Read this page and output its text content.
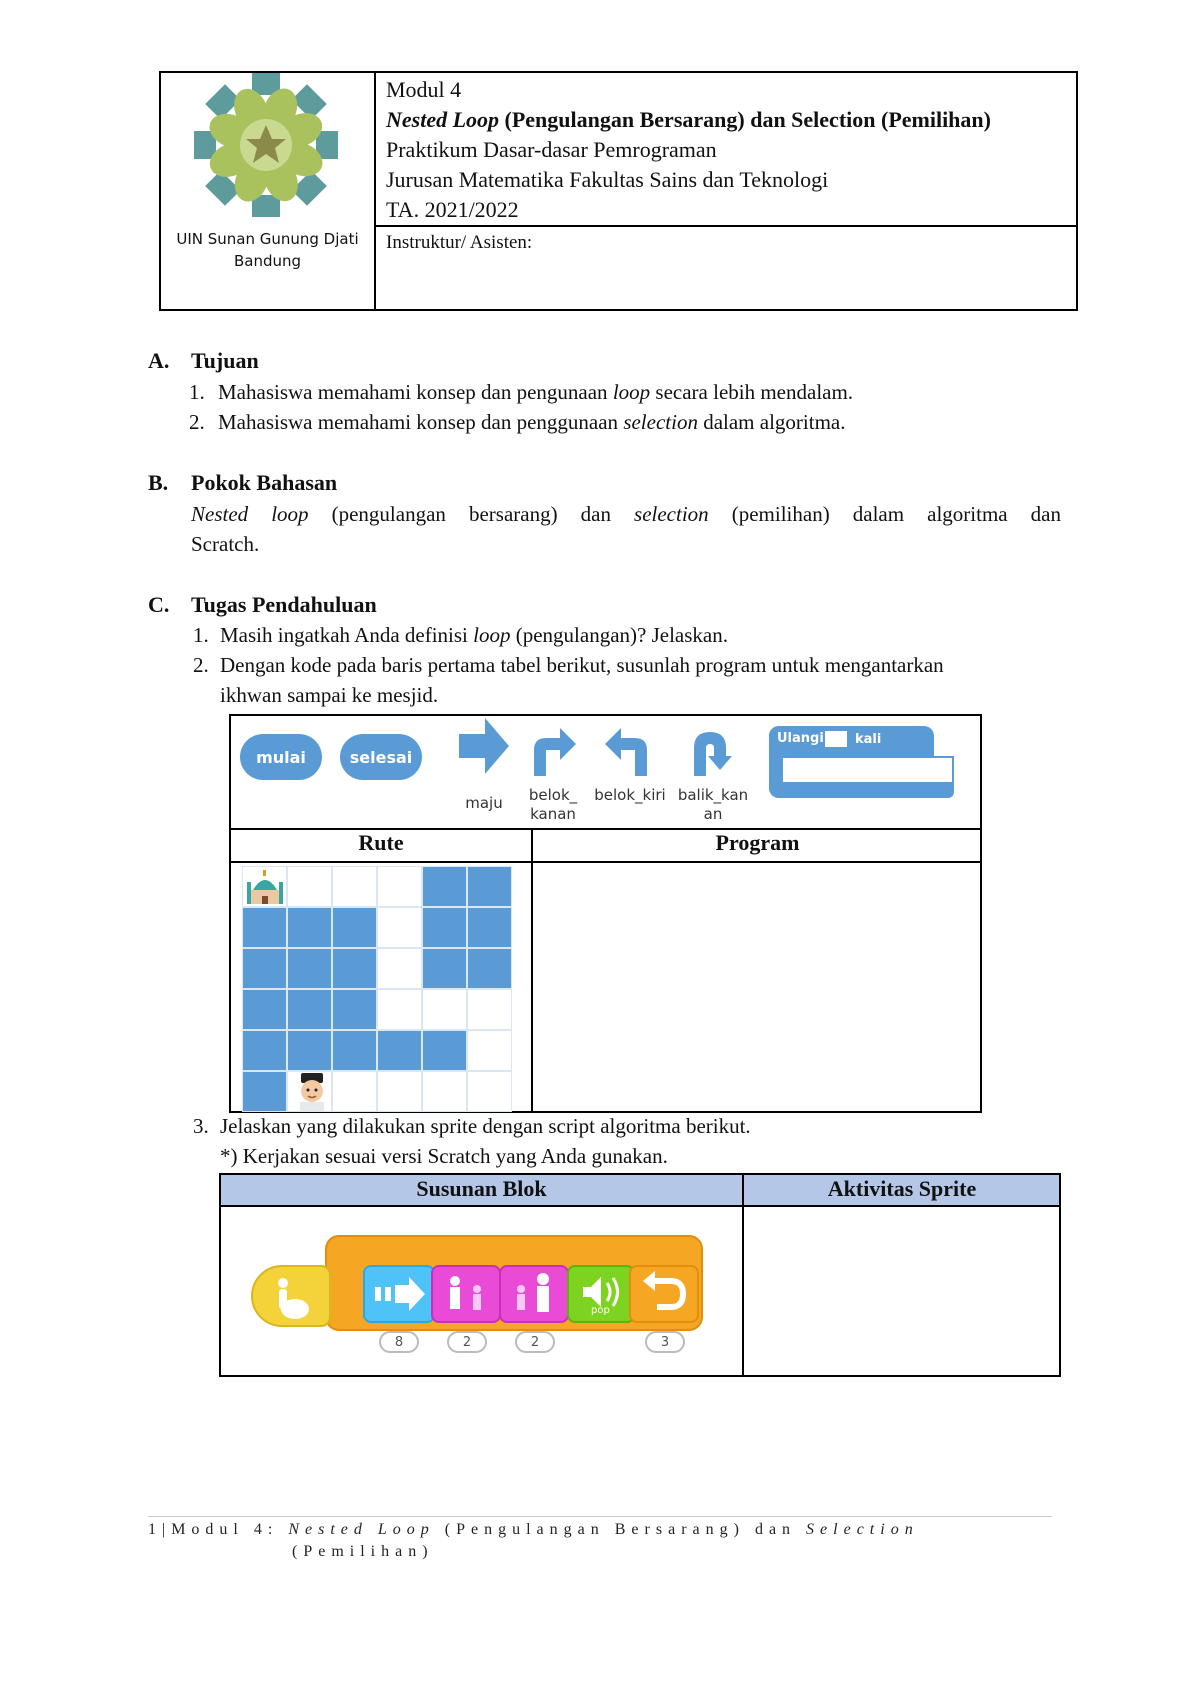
UIN Sunan Gunung Djati
Bandung
Modul 4
Nested Loop (Pengulangan Bersarang) dan Selection (Pemilihan)
Praktikum Dasar-dasar Pemrograman
Jurusan Matematika Fakultas Sains dan Teknologi
TA. 2021/2022
Instruktur/ Asisten:
A. Tujuan
1. Mahasiswa memahami konsep dan pengunaan loop secara lebih mendalam.
2. Mahasiswa memahami konsep dan penggunaan selection dalam algoritma.
B. Pokok Bahasan
Nested loop (pengulangan bersarang) dan selection (pemilihan) dalam algoritma dan
Scratch.
C. Tugas Pendahuluan
1. Masih ingatkah Anda definisi loop (pengulangan)? Jelaskan.
2. Dengan kode pada baris pertama tabel berikut, susunlah program untuk mengantarkan
ikhwan sampai ke mesjid.
mulai	selesai
maju	belok_
kanan
belok_kiri balik_kan
an
Ulangi kali
Rute	Program
3. Jelaskan yang dilakukan sprite dengan script algoritma berikut.
*) Kerjakan sesuai versi Scratch yang Anda gunakan.
Susunan Blok	Aktivitas Sprite
pop
8	2	2	3
1|Modul 4: Nested Loop (Pengulangan Bersarang) dan Selection
(Pemilihan)
